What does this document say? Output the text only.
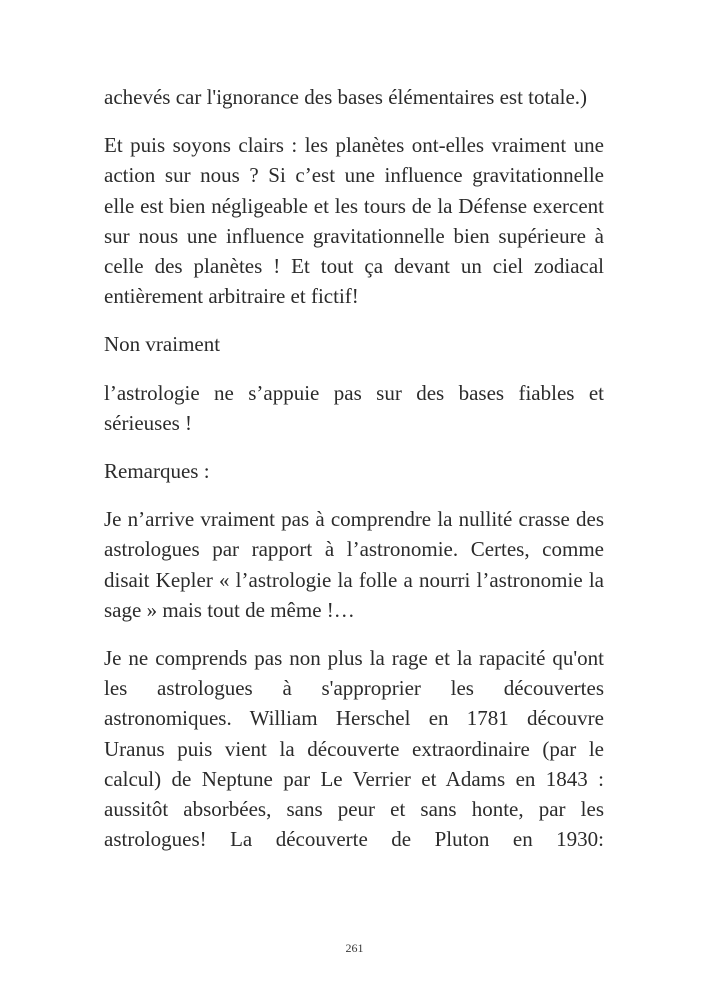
achevés car l'ignorance des bases élémentaires est totale.)

Et puis soyons clairs : les planètes ont-elles vraiment une action sur nous ? Si c’est une influence gravitationnelle elle est bien négligeable et les tours de la Défense exercent sur nous une influence gravitationnelle bien supérieure à celle des planètes ! Et tout ça devant un ciel zodiacal entièrement arbitraire et fictif!

Non vraiment

l’astrologie ne s’appuie pas sur des bases fiables et sérieuses !

Remarques :

Je n’arrive vraiment pas à comprendre la nullité crasse des astrologues par rapport à l’astronomie. Certes, comme disait Kepler « l’astrologie la folle a nourri l’astronomie la sage » mais tout de même !…

Je ne comprends pas non plus la rage et la rapacité qu'ont les astrologues à s'approprier les découvertes astronomiques. William Herschel en 1781 découvre Uranus puis vient la découverte extraordinaire (par le calcul) de Neptune par Le Verrier et Adams en 1843 : aussitôt absorbées, sans peur et sans honte, par les astrologues! La découverte de Pluton en 1930:

261
